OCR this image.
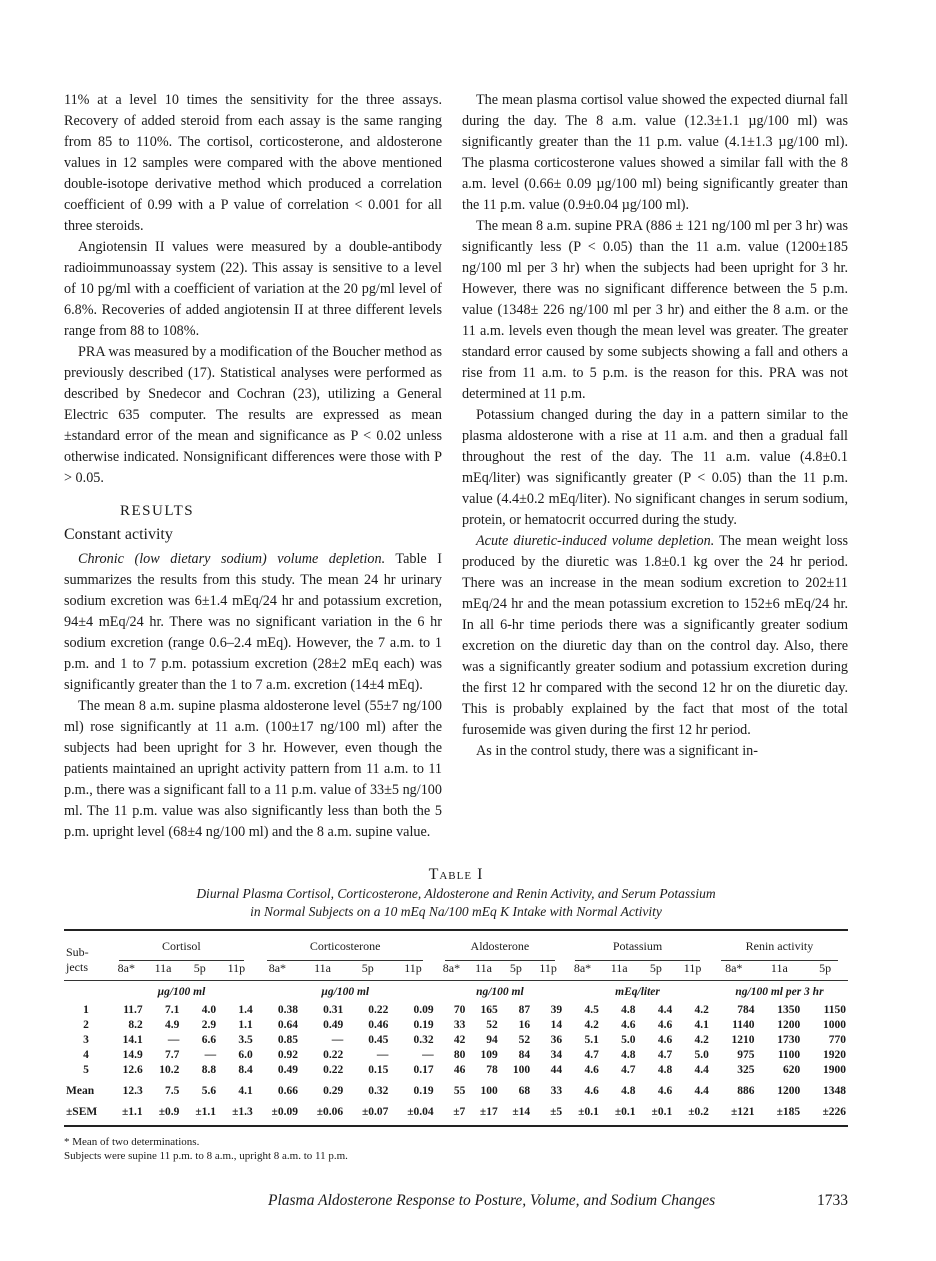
11% at a level 10 times the sensitivity for the three assays. Recovery of added steroid from each assay is the same ranging from 85 to 110%. The cortisol, corticosterone, and aldosterone values in 12 samples were compared with the above mentioned double-isotope derivative method which produced a correlation coefficient of 0.99 with a P value of correlation < 0.001 for all three steroids.

Angiotensin II values were measured by a double-antibody radioimmunoassay system (22). This assay is sensitive to a level of 10 pg/ml with a coefficient of variation at the 20 pg/ml level of 6.8%. Recoveries of added angiotensin II at three different levels range from 88 to 108%.

PRA was measured by a modification of the Boucher method as previously described (17). Statistical analyses were performed as described by Snedecor and Cochran (23), utilizing a General Electric 635 computer. The results are expressed as mean ±standard error of the mean and significance as P < 0.02 unless otherwise indicated. Nonsignificant differences were those with P > 0.05.

RESULTS
Constant activity

Chronic (low dietary sodium) volume depletion. Table I summarizes the results from this study. The mean 24 hr urinary sodium excretion was 6±1.4 mEq/24 hr and potassium excretion, 94±4 mEq/24 hr. There was no significant variation in the 6 hr sodium excretion (range 0.6–2.4 mEq). However, the 7 a.m. to 1 p.m. and 1 to 7 p.m. potassium excretion (28±2 mEq each) was significantly greater than the 1 to 7 a.m. excretion (14±4 mEq).

The mean 8 a.m. supine plasma aldosterone level (55±7 ng/100 ml) rose significantly at 11 a.m. (100±17 ng/100 ml) after the subjects had been upright for 3 hr. However, even though the patients maintained an upright activity pattern from 11 a.m. to 11 p.m., there was a significant fall to a 11 p.m. value of 33±5 ng/100 ml. The 11 p.m. value was also significantly less than both the 5 p.m. upright level (68±4 ng/100 ml) and the 8 a.m. supine value.

The mean plasma cortisol value showed the expected diurnal fall during the day. The 8 a.m. value (12.3±1.1 µg/100 ml) was significantly greater than the 11 p.m. value (4.1±1.3 µg/100 ml). The plasma corticosterone values showed a similar fall with the 8 a.m. level (0.66± 0.09 µg/100 ml) being significantly greater than the 11 p.m. value (0.9±0.04 µg/100 ml).

The mean 8 a.m. supine PRA (886 ± 121 ng/100 ml per 3 hr) was significantly less (P < 0.05) than the 11 a.m. value (1200±185 ng/100 ml per 3 hr) when the subjects had been upright for 3 hr. However, there was no significant difference between the 5 p.m. value (1348± 226 ng/100 ml per 3 hr) and either the 8 a.m. or the 11 a.m. levels even though the mean level was greater. The greater standard error caused by some subjects showing a fall and others a rise from 11 a.m. to 5 p.m. is the reason for this. PRA was not determined at 11 p.m.

Potassium changed during the day in a pattern similar to the plasma aldosterone with a rise at 11 a.m. and then a gradual fall throughout the rest of the day. The 11 a.m. value (4.8±0.1 mEq/liter) was significantly greater (P < 0.05) than the 11 p.m. value (4.4±0.2 mEq/liter). No significant changes in serum sodium, protein, or hematocrit occurred during the study.

Acute diuretic-induced volume depletion. The mean weight loss produced by the diuretic was 1.8±0.1 kg over the 24 hr period. There was an increase in the mean sodium excretion to 202±11 mEq/24 hr and the mean potassium excretion to 152±6 mEq/24 hr. In all 6-hr time periods there was a significantly greater sodium excretion on the diuretic day than on the control day. Also, there was a significantly greater sodium and potassium excretion during the first 12 hr compared with the second 12 hr on the diuretic day. This is probably explained by the fact that most of the total furosemide was given during the first 12 hr period.

As in the control study, there was a significant in-

Table I
Diurnal Plasma Cortisol, Corticosterone, Aldosterone and Renin Activity, and Serum Potassium
in Normal Subjects on a 10 mEq Na/100 mEq K Intake with Normal Activity
Sub- jects	Cortisol				Corticosterone				Aldosterone				Potassium				Renin activity		
	8a*	11a	5p	11p	8a*	11a	5p	11p	8a*	11a	5p	11p	8a*	11a	5p	11p	8a*	11a	5p
	µg/100 ml				µg/100 ml				ng/100 ml				mEq/liter				ng/100 ml per 3 hr		
1	11.7	7.1	4.0	1.4	0.38	0.31	0.22	0.09	70	165	87	39	4.5	4.8	4.4	4.2	784	1350	1150
2	8.2	4.9	2.9	1.1	0.64	0.49	0.46	0.19	33	52	16	14	4.2	4.6	4.6	4.1	1140	1200	1000
3	14.1	—	6.6	3.5	0.85	—	0.45	0.32	42	94	52	36	5.1	5.0	4.6	4.2	1210	1730	770
4	14.9	7.7	—	6.0	0.92	0.22	—	—	80	109	84	34	4.7	4.8	4.7	5.0	975	1100	1920
5	12.6	10.2	8.8	8.4	0.49	0.22	0.15	0.17	46	78	100	44	4.6	4.7	4.8	4.4	325	620	1900

Mean	12.3	7.5	5.6	4.1	0.66	0.29	0.32	0.19	55	100	68	33	4.6	4.8	4.6	4.4	886	1200	1348

±SEM	±1.1	±0.9	±1.1	±1.3	±0.09	±0.06	±0.07	±0.04	±7	±17	±14	±5	±0.1	±0.1	±0.1	±0.2	±121	±185	±226
* Mean of two determinations.
Subjects were supine 11 p.m. to 8 a.m., upright 8 a.m. to 11 p.m.
Plasma Aldosterone Response to Posture, Volume, and Sodium Changes	1733
